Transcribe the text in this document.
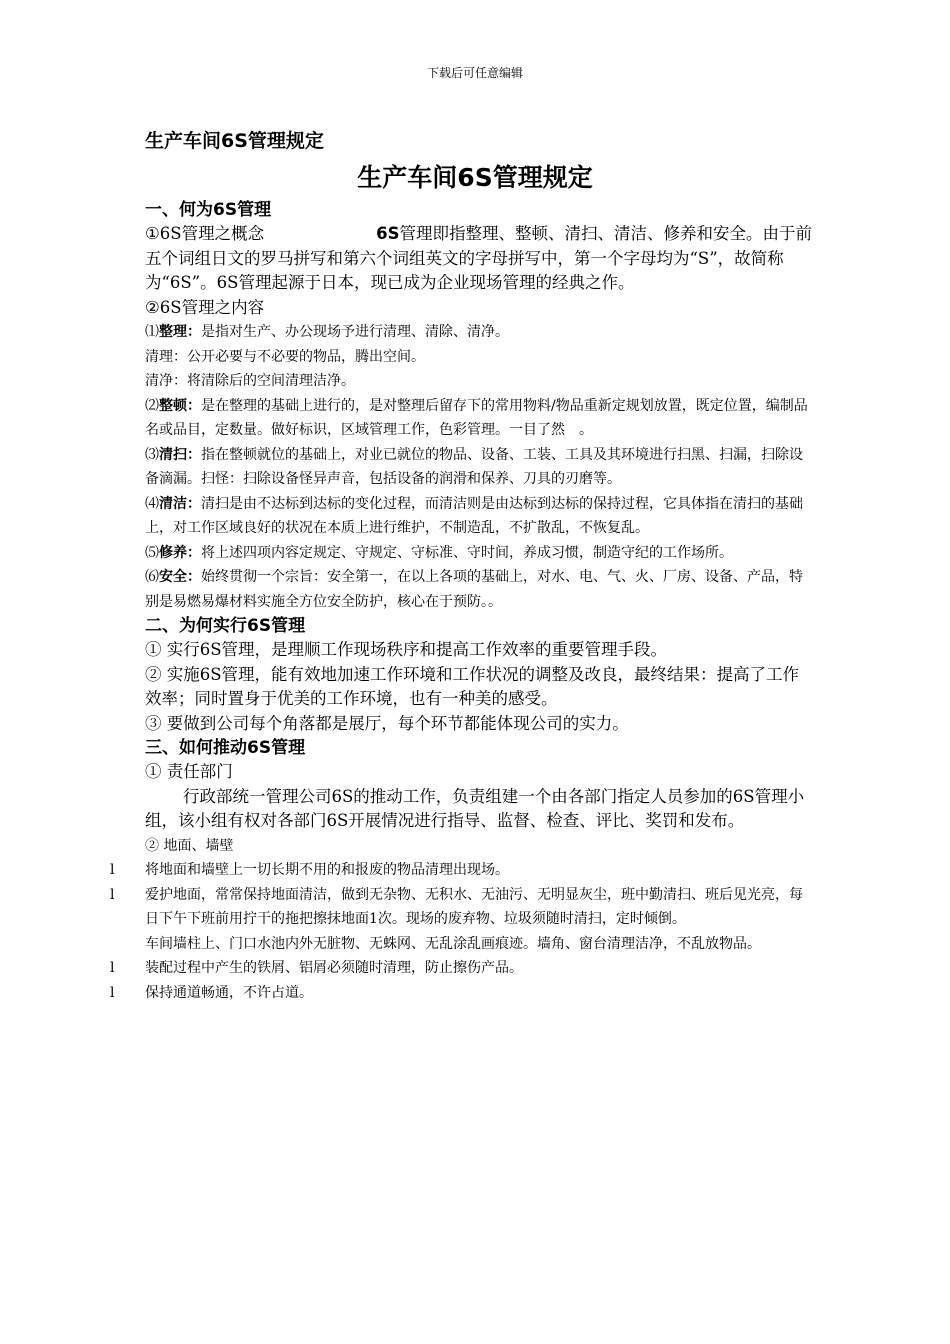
下载后可任意编辑
生产车间6S管理规定
生产车间6S管理规定
一、何为6S管理
①6S管理之概念	6S管理即指整理、整顿、清扫、清洁、修养和安全。由于前五个词组日文的罗马拼写和第六个词组英文的字母拼写中，第一个字母均为“S”，故简称为“6S”。6S管理起源于日本，现已成为企业现场管理的经典之作。
②6S管理之内容
⑴整理：是指对生产、办公现场予进行清理、清除、清净。
清理：公开必要与不必要的物品，腾出空间。
清净：将清除后的空间清理洁净。
⑵整顿：是在整理的基础上进行的，是对整理后留存下的常用物料/物品重新定规划放置，既定位置，编制品名或品目，定数量。做好标识，区域管理工作，色彩管理。一目了然　。
⑶清扫：指在整顿就位的基础上，对业已就位的物品、设备、工装、工具及其环境进行扫黑、扫漏，扫除设备滴漏。扫怪：扫除设备怪异声音，包括设备的润滑和保养、刀具的刃磨等。
⑷清洁：清扫是由不达标到达标的变化过程，而清洁则是由达标到达标的保持过程，它具体指在清扫的基础上，对工作区域良好的状况在本质上进行维护，不制造乱，不扩散乱，不恢复乱。
⑸修养：将上述四项内容定规定、守规定、守标准、守时间，养成习惯，制造守纪的工作场所。
⑹安全：始终贯彻一个宗旨：安全第一，在以上各项的基础上，对水、电、气、火、厂房、设备、产品，特别是易燃易爆材料实施全方位安全防护，核心在于预防。。
二、为何实行6S管理
① 实行6S管理，是理顺工作现场秩序和提高工作效率的重要管理手段。
② 实施6S管理，能有效地加速工作环境和工作状况的调整及改良，最终结果：提高了工作效率；同时置身于优美的工作环境，也有一种美的感受。
③ 要做到公司每个角落都是展厅，每个环节都能体现公司的实力。
三、如何推动6S管理
① 责任部门
行政部统一管理公司6S的推动工作，负责组建一个由各部门指定人员参加的6S管理小组，该小组有权对各部门6S开展情况进行指导、监督、检查、评比、奖罚和发布。
② 地面、墙壁
l 将地面和墙壁上一切长期不用的和报废的物品清理出现场。
l 爱护地面，常常保持地面清洁，做到无杂物、无积水、无油污、无明显灰尘，班中勤清扫、班后见光亮，每日下午下班前用拧干的拖把擦抹地面1次。现场的废弃物、垃圾须随时清扫，定时倾倒。
车间墙柱上、门口水池内外无脏物、无蛛网、无乱涂乱画痕迹。墙角、窗台清理洁净，不乱放物品。
l 装配过程中产生的铁屑、铝屑必须随时清理，防止擦伤产品。
l 保持通道畅通，不许占道。
